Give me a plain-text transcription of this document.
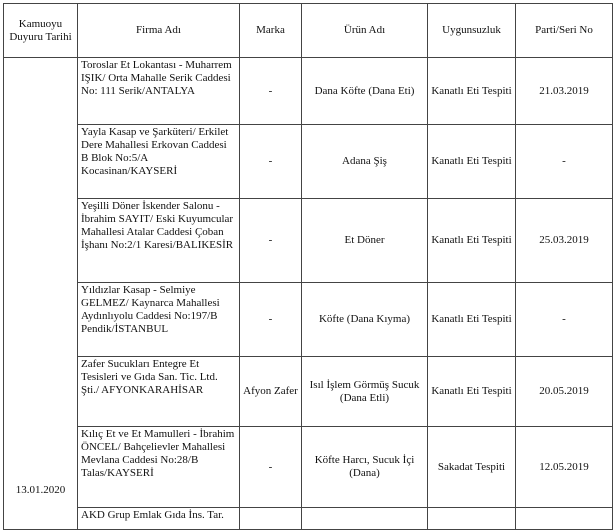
Kamuoyu Duyuru Tarihi	Firma Adı	Marka	Ürün Adı	Uygunsuzluk	Parti/Seri No
13.01.2020	Toroslar Et Lokantası - Muharrem IŞIK/ Orta Mahalle Serik Caddesi No: 111 Serik/ANTALYA	-	Dana Köfte (Dana Eti)	Kanatlı Eti Tespiti	21.03.2019
	Yayla Kasap ve Şarküteri/ Erkilet Dere Mahallesi Erkovan Caddesi B Blok No:5/A Kocasinan/KAYSERİ	-	Adana Şiş	Kanatlı Eti Tespiti	-
	Yeşilli Döner İskender Salonu - İbrahim SAYIT/ Eski Kuyumcular Mahallesi Atalar Caddesi Çoban İşhanı No:2/1 Karesi/BALIKESİR	-	Et Döner	Kanatlı Eti Tespiti	25.03.2019
	Yıldızlar Kasap - Selmiye GELMEZ/ Kaynarca Mahallesi Aydınlıyolu Caddesi No:197/B Pendik/İSTANBUL	-	Köfte (Dana Kıyma)	Kanatlı Eti Tespiti	-
	Zafer Sucukları Entegre Et Tesisleri ve Gıda San. Tic. Ltd. Şti./ AFYONKARAHİSAR	Afyon Zafer	Isıl İşlem Görmüş Sucuk (Dana Etli)	Kanatlı Eti Tespiti	20.05.2019
	Kılıç Et ve Et Mamulleri - İbrahim ÖNCEL/ Bahçelievler Mahallesi Mevlana Caddesi No:28/B Talas/KAYSERİ	-	Köfte Harcı, Sucuk İçi (Dana)	Sakadat Tespiti	12.05.2019
	AKD Grup Emlak Gıda İns. Tar.				
